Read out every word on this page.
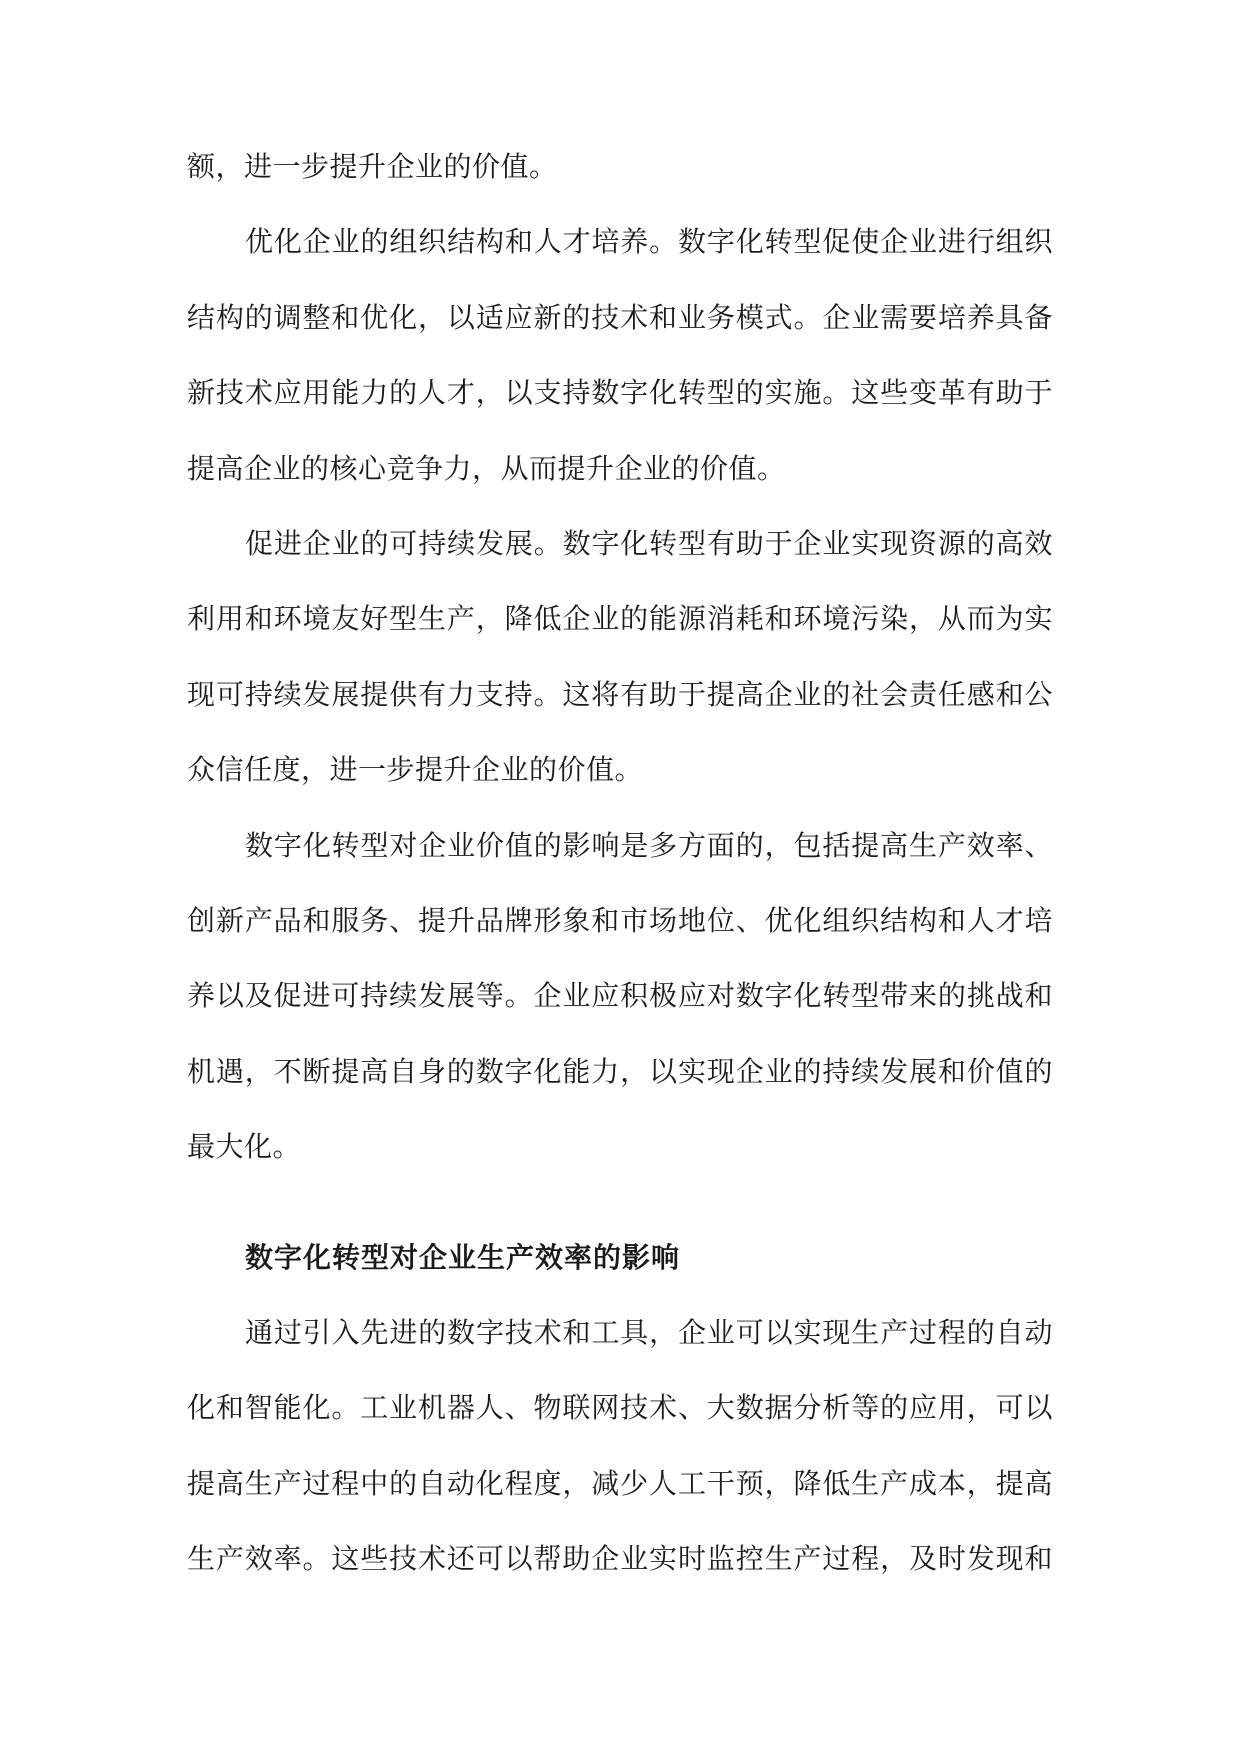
额，进一步提升企业的价值。
优化企业的组织结构和人才培养。数字化转型促使企业进行组织
结构的调整和优化，以适应新的技术和业务模式。企业需要培养具备
新技术应用能力的人才，以支持数字化转型的实施。这些变革有助于
提高企业的核心竞争力，从而提升企业的价值。
促进企业的可持续发展。数字化转型有助于企业实现资源的高效
利用和环境友好型生产，降低企业的能源消耗和环境污染，从而为实
现可持续发展提供有力支持。这将有助于提高企业的社会责任感和公
众信任度，进一步提升企业的价值。
数字化转型对企业价值的影响是多方面的，包括提高生产效率、
创新产品和服务、提升品牌形象和市场地位、优化组织结构和人才培
养以及促进可持续发展等。企业应积极应对数字化转型带来的挑战和
机遇，不断提高自身的数字化能力，以实现企业的持续发展和价值的
最大化。
数字化转型对企业生产效率的影响
通过引入先进的数字技术和工具，企业可以实现生产过程的自动
化和智能化。工业机器人、物联网技术、大数据分析等的应用，可以
提高生产过程中的自动化程度，减少人工干预，降低生产成本，提高
生产效率。这些技术还可以帮助企业实时监控生产过程，及时发现和
